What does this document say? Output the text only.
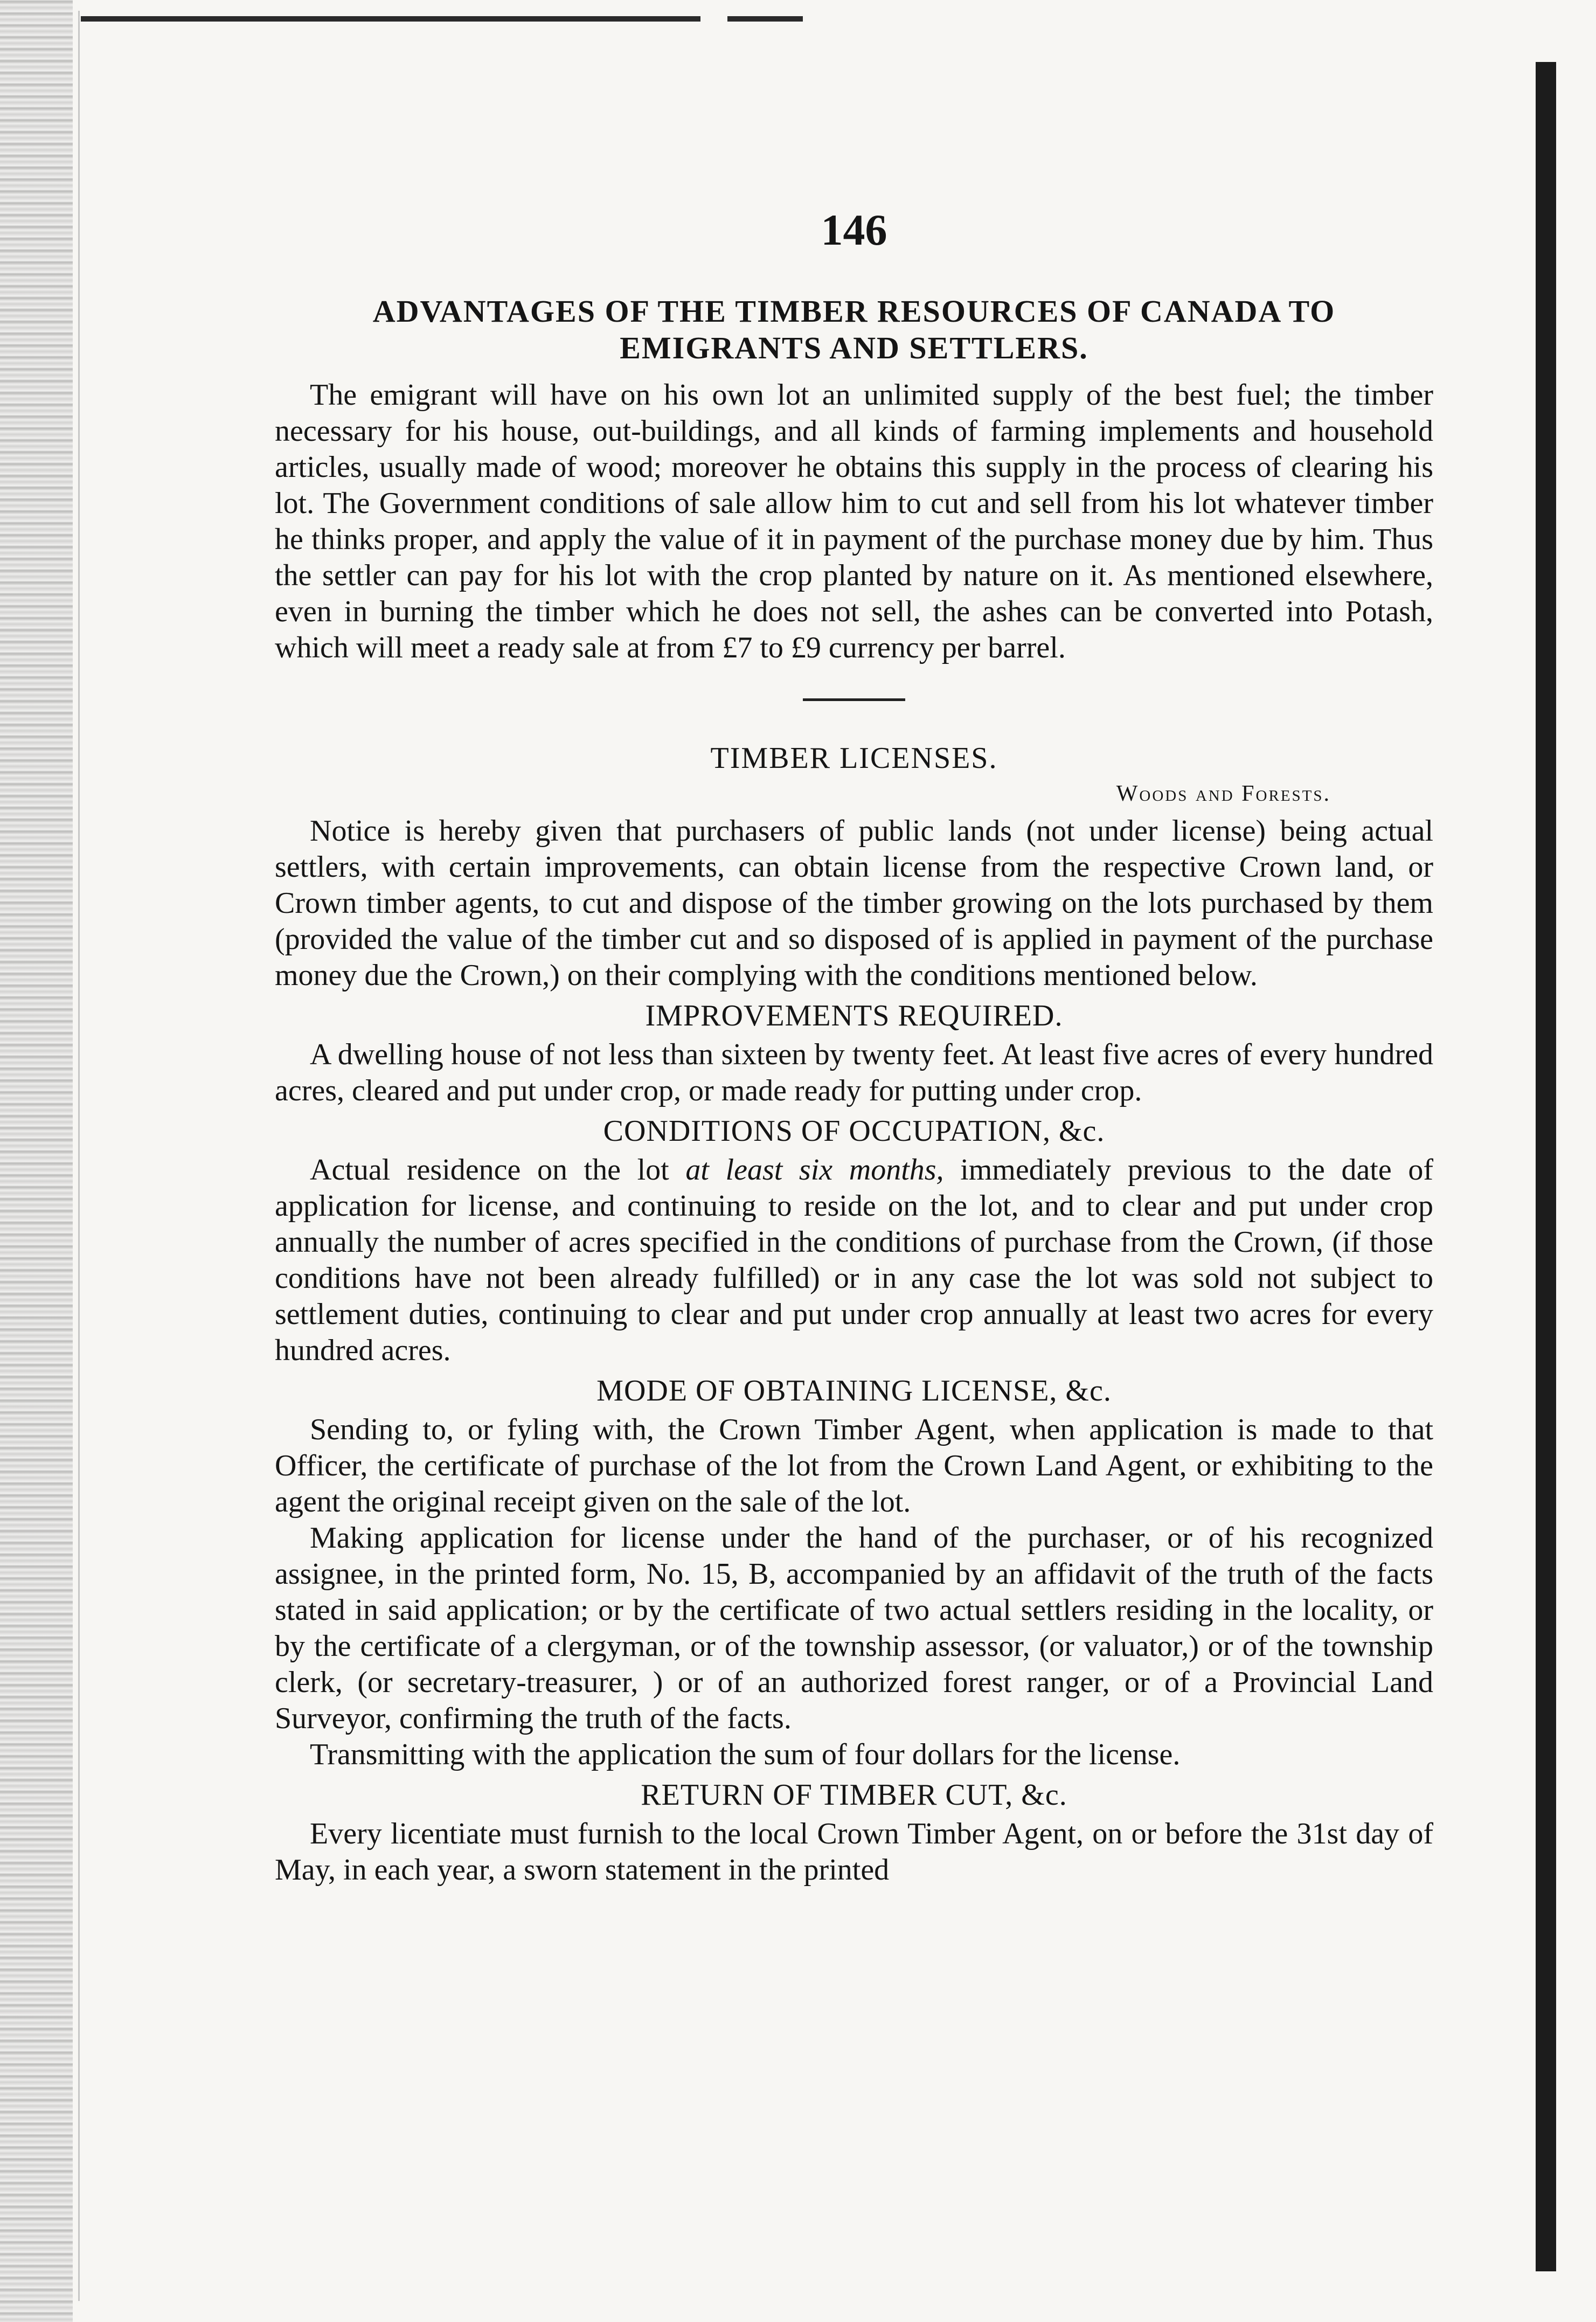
146
ADVANTAGES OF THE TIMBER RESOURCES OF CANADA TO EMIGRANTS AND SETTLERS.

The emigrant will have on his own lot an unlimited supply of the best fuel; the timber necessary for his house, out-buildings, and all kinds of farming implements and household articles, usually made of wood; moreover he obtains this supply in the process of clearing his lot. The Government conditions of sale allow him to cut and sell from his lot whatever timber he thinks proper, and apply the value of it in payment of the purchase money due by him. Thus the settler can pay for his lot with the crop planted by nature on it. As mentioned elsewhere, even in burning the timber which he does not sell, the ashes can be converted into Potash, which will meet a ready sale at from £7 to £9 currency per barrel.

TIMBER LICENSES.
Woods and Forests.

Notice is hereby given that purchasers of public lands (not under license) being actual settlers, with certain improvements, can obtain license from the respective Crown land, or Crown timber agents, to cut and dispose of the timber growing on the lots purchased by them (provided the value of the timber cut and so disposed of is applied in payment of the purchase money due the Crown,) on their complying with the conditions mentioned below.

IMPROVEMENTS REQUIRED.

A dwelling house of not less than sixteen by twenty feet. At least five acres of every hundred acres, cleared and put under crop, or made ready for putting under crop.

CONDITIONS OF OCCUPATION, &c.

Actual residence on the lot at least six months, immediately previous to the date of application for license, and continuing to reside on the lot, and to clear and put under crop annually the number of acres specified in the conditions of purchase from the Crown, (if those conditions have not been already fulfilled) or in any case the lot was sold not subject to settlement duties, continuing to clear and put under crop annually at least two acres for every hundred acres.

MODE OF OBTAINING LICENSE, &c.

Sending to, or fyling with, the Crown Timber Agent, when application is made to that Officer, the certificate of purchase of the lot from the Crown Land Agent, or exhibiting to the agent the original receipt given on the sale of the lot.

Making application for license under the hand of the purchaser, or of his recognized assignee, in the printed form, No. 15, B, accompanied by an affidavit of the truth of the facts stated in said application; or by the certificate of two actual settlers residing in the locality, or by the certificate of a clergyman, or of the township assessor, (or valuator,) or of the township clerk, (or secretary-treasurer, ) or of an authorized forest ranger, or of a Provincial Land Surveyor, confirming the truth of the facts.

Transmitting with the application the sum of four dollars for the license.

RETURN OF TIMBER CUT, &c.

Every licentiate must furnish to the local Crown Timber Agent, on or before the 31st day of May, in each year, a sworn statement in the printed
